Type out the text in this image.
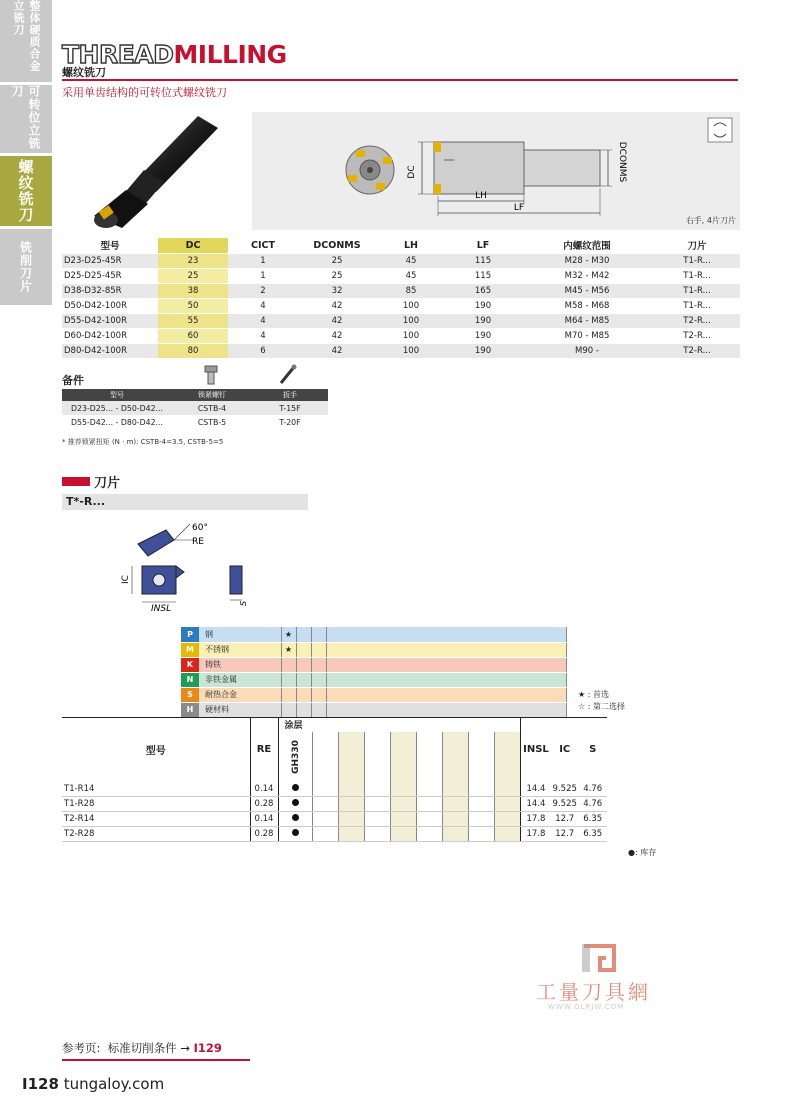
整体硬质合金立铣刀
可转位立铣刀
螺纹铣刀
铣削刀片
THREADMILLING
螺纹铣刀
采用单齿结构的可转位式螺纹铣刀
DC	DCONMS
LH
LF
右手, 4片刀片
型号	DC	CICT	DCONMS	LH	LF	内螺纹范围	刀片
D23-D25-45R	23	1	25	45	115	M28 - M30	T1-R...
D25-D25-45R	25	1	25	45	115	M32 - M42	T1-R...
D38-D32-85R	38	2	32	85	165	M45 - M56	T1-R...
D50-D42-100R	50	4	42	100	190	M58 - M68	T1-R...
D55-D42-100R	55	4	42	100	190	M64 - M85	T2-R...
D60-D42-100R	60	4	42	100	190	M70 - M85	T2-R...
D80-D42-100R	80	6	42	100	190	M90 -	T2-R...
备件
型号	锁紧螺钉	扳手
D23-D25... - D50-D42...	CSTB-4	T-15F
D55-D42... - D80-D42...	CSTB-5	T-20F
* 推荐锁紧扭矩 (N · m): CSTB-4=3.5, CSTB-5=5
刀片
T*-R...
60°
RE
IC
INSL
S
P	钢	★			
M	不锈钢	★			
K	铸铁				
N	非铁金属				
S	耐热合金				
H	硬材料				
★ : 首选
☆ : 第二选择
型号	RE	涂层									INSL	IC	S

		GH330											

T1-R14	0.14										14.4	9.525	4.76
T1-R28	0.28										14.4	9.525	4.76
T2-R14	0.14										17.8	12.7	6.35
T2-R28	0.28										17.8	12.7	6.35
●: 库存
工量刀具網
WWW.GLRJW.COM
参考页: 标准切削条件 → I129
I128 tungaloy.com
